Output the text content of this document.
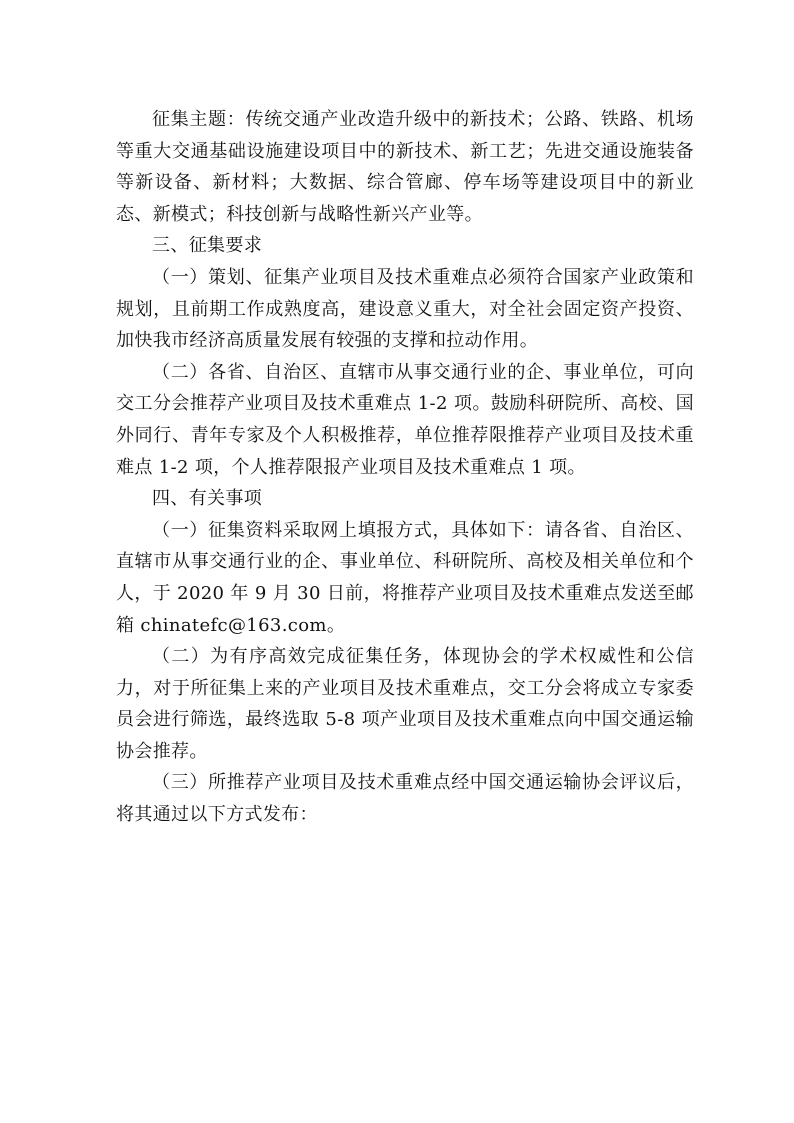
征集主题：传统交通产业改造升级中的新技术；公路、铁路、机场等重大交通基础设施建设项目中的新技术、新工艺；先进交通设施装备等新设备、新材料；大数据、综合管廊、停车场等建设项目中的新业态、新模式；科技创新与战略性新兴产业等。

三、征集要求

（一）策划、征集产业项目及技术重难点必须符合国家产业政策和规划，且前期工作成熟度高，建设意义重大，对全社会固定资产投资、加快我市经济高质量发展有较强的支撑和拉动作用。

（二）各省、自治区、直辖市从事交通行业的企、事业单位，可向交工分会推荐产业项目及技术重难点 1-2 项。鼓励科研院所、高校、国外同行、青年专家及个人积极推荐，单位推荐限推荐产业项目及技术重难点 1-2 项，个人推荐限报产业项目及技术重难点 1 项。

四、有关事项

（一）征集资料采取网上填报方式，具体如下：请各省、自治区、直辖市从事交通行业的企、事业单位、科研院所、高校及相关单位和个人，于 2020 年 9 月 30 日前，将推荐产业项目及技术重难点发送至邮箱 chinatefc@163.com。

（二）为有序高效完成征集任务，体现协会的学术权威性和公信力，对于所征集上来的产业项目及技术重难点，交工分会将成立专家委员会进行筛选，最终选取 5-8 项产业项目及技术重难点向中国交通运输协会推荐。

（三）所推荐产业项目及技术重难点经中国交通运输协会评议后，将其通过以下方式发布：
